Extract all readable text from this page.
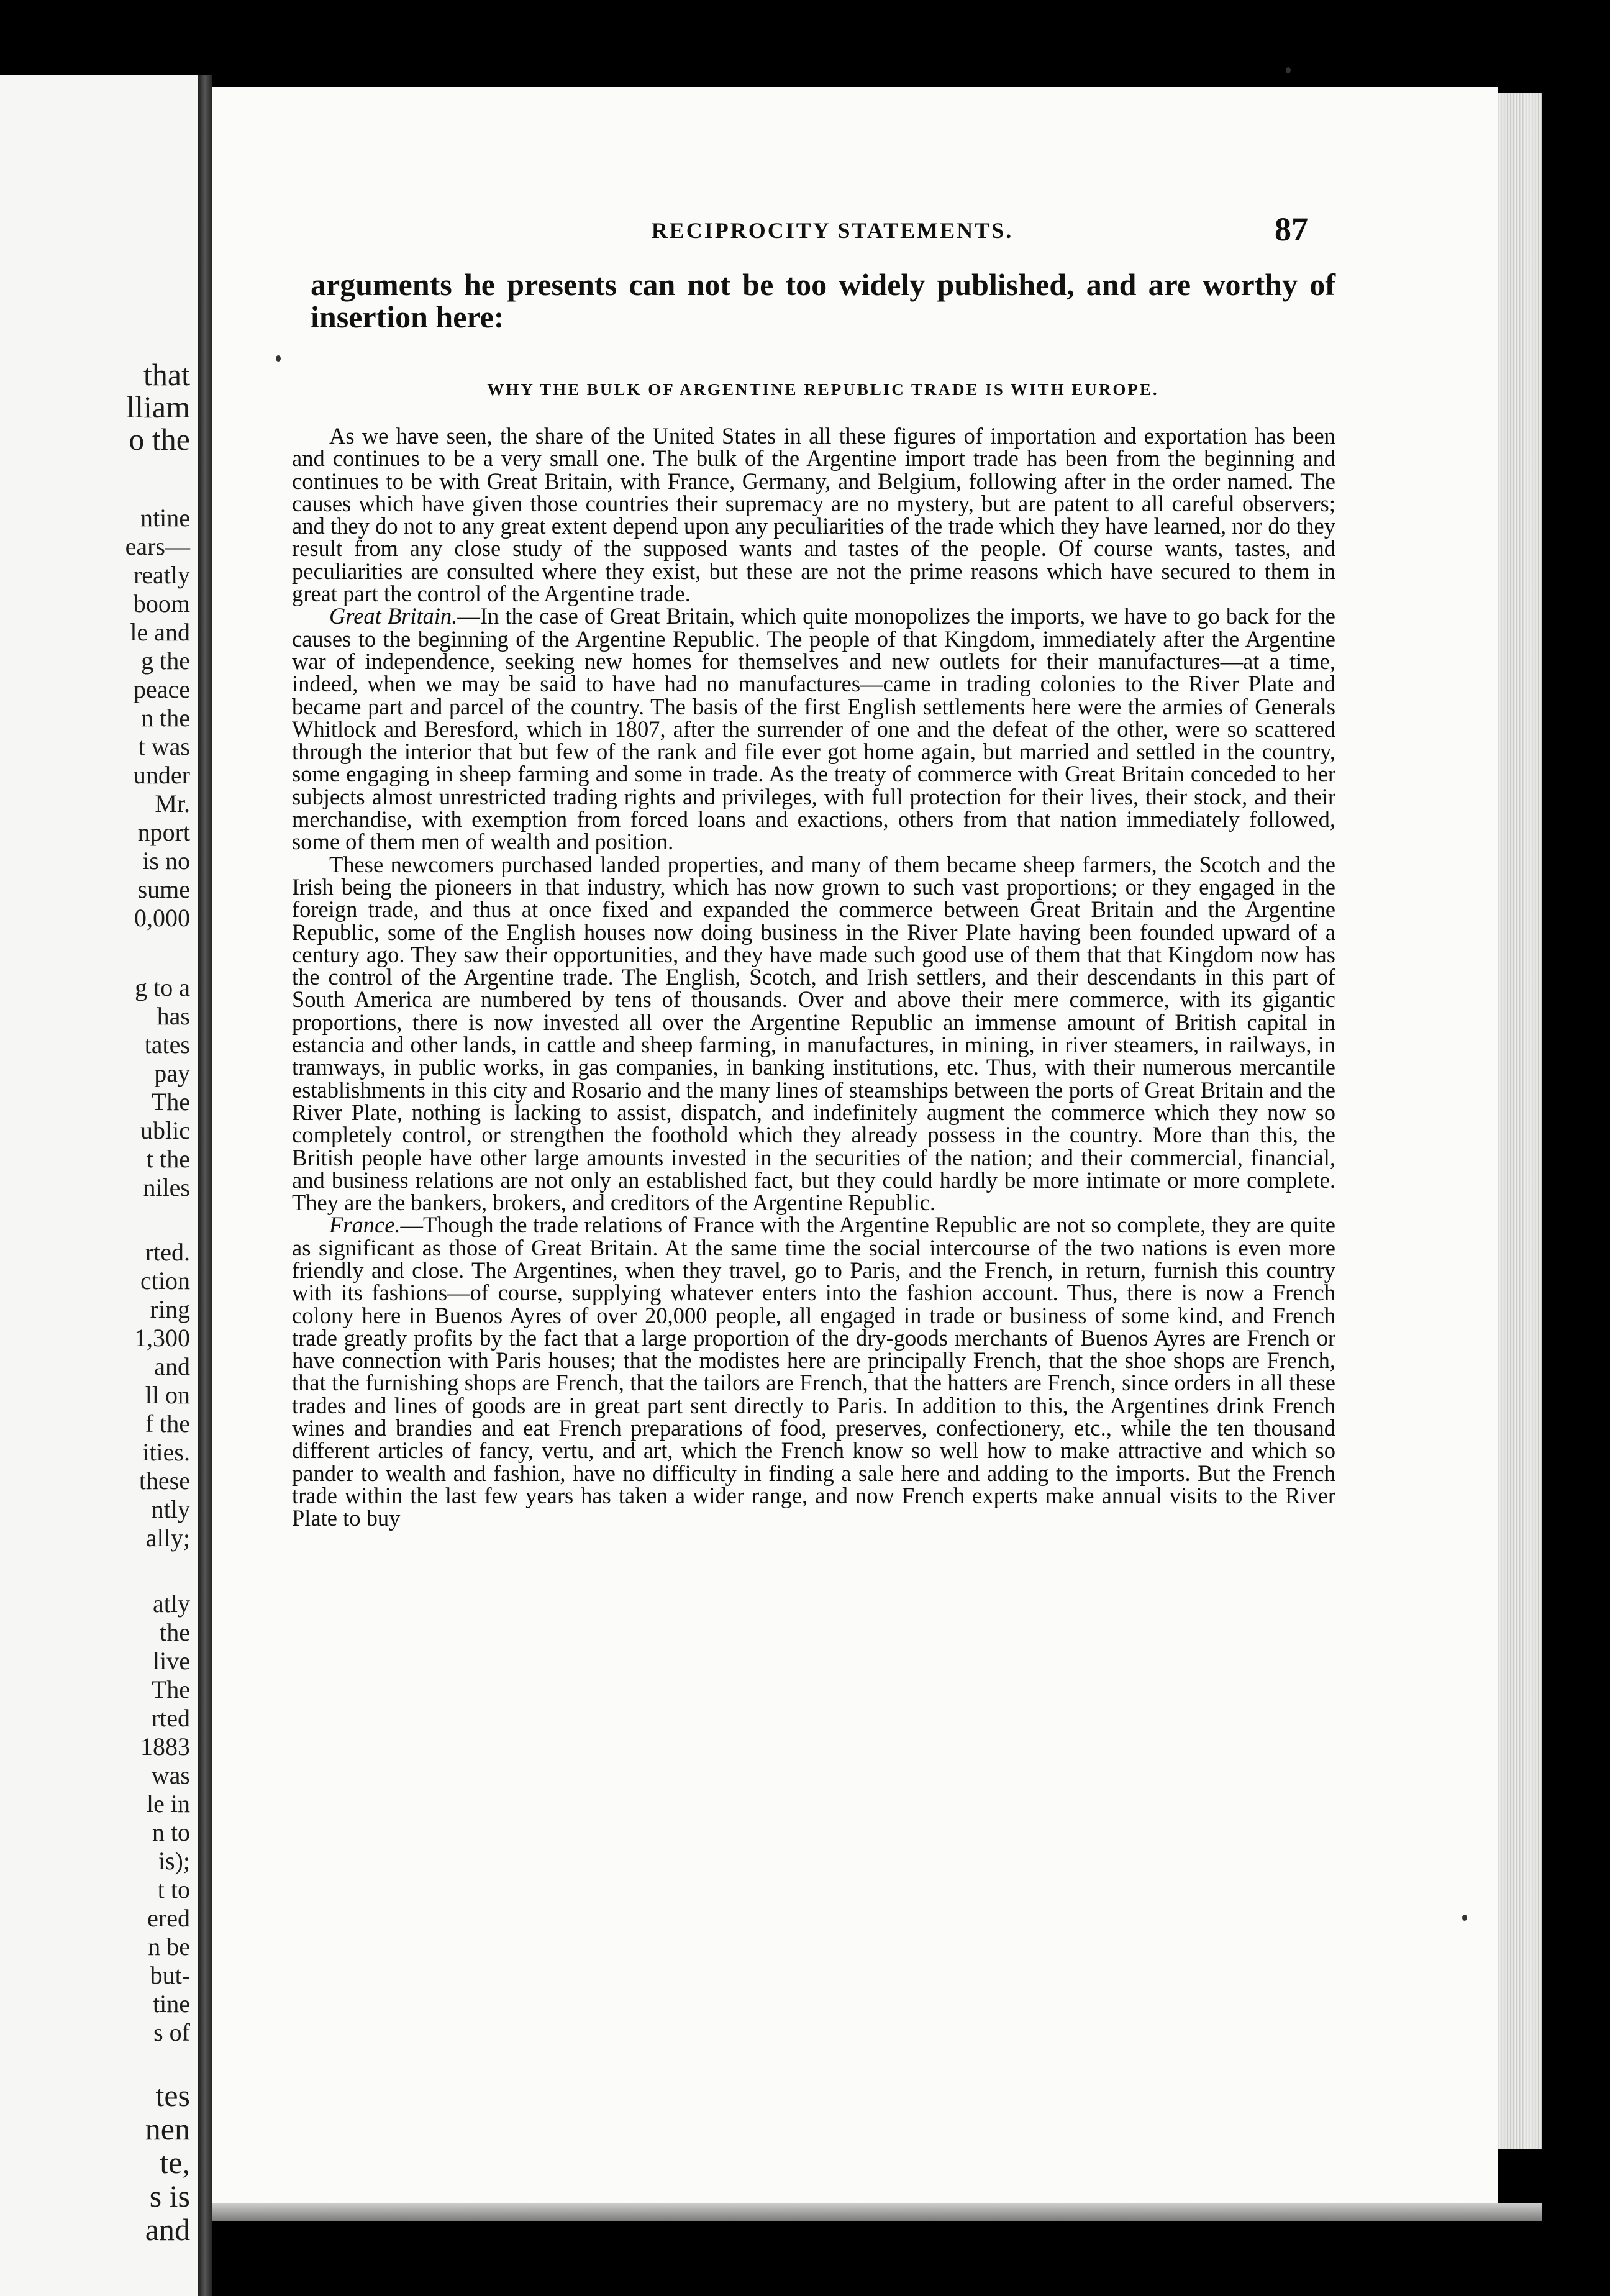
that
lliam
o the
ntine
ears—
reatly
boom
le and
g the
peace
n the
t was
under
Mr.
nport
is no
sume
0,000
g to a
has
tates
pay
The
ublic
t the
niles
rted.
ction
ring
1,300
and
ll on
f the
ities.
these
ntly
ally;
atly
the
live
The
rted
1883
was
le in
n to
is);
t to
ered
n be
but-
tine
s of
tes
nen
te,
s is
and
RECIPROCITY STATEMENTS.	87
arguments he presents can not be too widely published, and are worthy of insertion here:
WHY THE BULK OF ARGENTINE REPUBLIC TRADE IS WITH EUROPE.

As we have seen, the share of the United States in all these figures of importation and exportation has been and continues to be a very small one. The bulk of the Argentine import trade has been from the beginning and continues to be with Great Britain, with France, Germany, and Belgium, following after in the order named. The causes which have given those countries their supremacy are no mystery, but are patent to all careful observers; and they do not to any great extent depend upon any peculiarities of the trade which they have learned, nor do they result from any close study of the supposed wants and tastes of the people. Of course wants, tastes, and peculiarities are consulted where they exist, but these are not the prime reasons which have secured to them in great part the control of the Argentine trade.

Great Britain.—In the case of Great Britain, which quite monopolizes the imports, we have to go back for the causes to the beginning of the Argentine Republic. The people of that Kingdom, immediately after the Argentine war of independence, seeking new homes for themselves and new outlets for their manufactures—at a time, indeed, when we may be said to have had no manufactures—came in trading colonies to the River Plate and became part and parcel of the country. The basis of the first English settlements here were the armies of Generals Whitlock and Beresford, which in 1807, after the surrender of one and the defeat of the other, were so scattered through the interior that but few of the rank and file ever got home again, but married and settled in the country, some engaging in sheep farming and some in trade. As the treaty of commerce with Great Britain conceded to her subjects almost unrestricted trading rights and privileges, with full protection for their lives, their stock, and their merchandise, with exemption from forced loans and exactions, others from that nation immediately followed, some of them men of wealth and position.

These newcomers purchased landed properties, and many of them became sheep farmers, the Scotch and the Irish being the pioneers in that industry, which has now grown to such vast proportions; or they engaged in the foreign trade, and thus at once fixed and expanded the commerce between Great Britain and the Argentine Republic, some of the English houses now doing business in the River Plate having been founded upward of a century ago. They saw their opportunities, and they have made such good use of them that that Kingdom now has the control of the Argentine trade. The English, Scotch, and Irish settlers, and their descendants in this part of South America are numbered by tens of thousands. Over and above their mere commerce, with its gigantic proportions, there is now invested all over the Argentine Republic an immense amount of British capital in estancia and other lands, in cattle and sheep farming, in manufactures, in mining, in river steamers, in railways, in tramways, in public works, in gas companies, in banking institutions, etc. Thus, with their numerous mercantile establishments in this city and Rosario and the many lines of steamships between the ports of Great Britain and the River Plate, nothing is lacking to assist, dispatch, and indefinitely augment the commerce which they now so completely control, or strengthen the foothold which they already possess in the country. More than this, the British people have other large amounts invested in the securities of the nation; and their commercial, financial, and business relations are not only an established fact, but they could hardly be more intimate or more complete. They are the bankers, brokers, and creditors of the Argentine Republic.

France.—Though the trade relations of France with the Argentine Republic are not so complete, they are quite as significant as those of Great Britain. At the same time the social intercourse of the two nations is even more friendly and close. The Argentines, when they travel, go to Paris, and the French, in return, furnish this country with its fashions—of course, supplying whatever enters into the fashion account. Thus, there is now a French colony here in Buenos Ayres of over 20,000 people, all engaged in trade or business of some kind, and French trade greatly profits by the fact that a large proportion of the dry-goods merchants of Buenos Ayres are French or have connection with Paris houses; that the modistes here are principally French, that the shoe shops are French, that the furnishing shops are French, that the tailors are French, that the hatters are French, since orders in all these trades and lines of goods are in great part sent directly to Paris. In addition to this, the Argentines drink French wines and brandies and eat French preparations of food, preserves, confectionery, etc., while the ten thousand different articles of fancy, vertu, and art, which the French know so well how to make attractive and which so pander to wealth and fashion, have no difficulty in finding a sale here and adding to the imports. But the French trade within the last few years has taken a wider range, and now French experts make annual visits to the River Plate to buy
